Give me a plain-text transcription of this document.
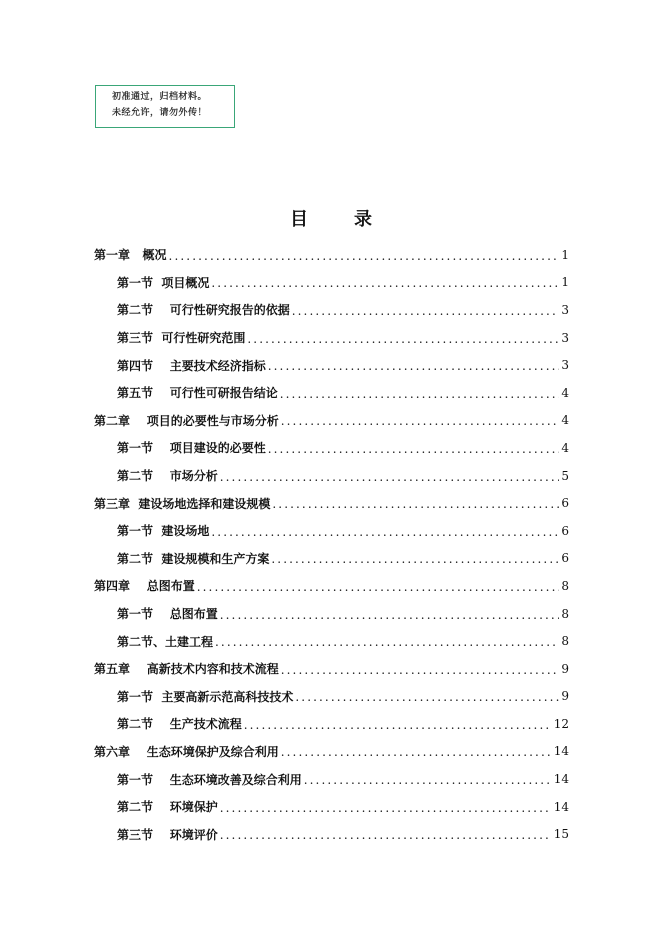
初准通过，归档材料。
未经允许，请勿外传！
目	录
第一章   概况 .....	1
第一节  项目概况 .....	1
第二节    可行性研究报告的依据 .....	3
第三节  可行性研究范围 .....	3
第四节    主要技术经济指标 .....	3
第五节    可行性可研报告结论 .....	4
第二章    项目的必要性与市场分析 .....	4
第一节    项目建设的必要性 .....	4
第二节    市场分析 .....	5
第三章  建设场地选择和建设规模 .....	6
第一节  建设场地 .....	6
第二节  建设规模和生产方案 .....	6
第四章    总图布置 .....	8
第一节    总图布置 .....	8
第二节、土建工程 .....	8
第五章    高新技术内容和技术流程 .....	9
第一节  主要高新示范高科技技术 .....	9
第二节    生产技术流程 .....	12
第六章    生态环境保护及综合利用 .....	14
第一节    生态环境改善及综合利用 .....	14
第二节    环境保护 .....	14
第三节    环境评价 .....	15
